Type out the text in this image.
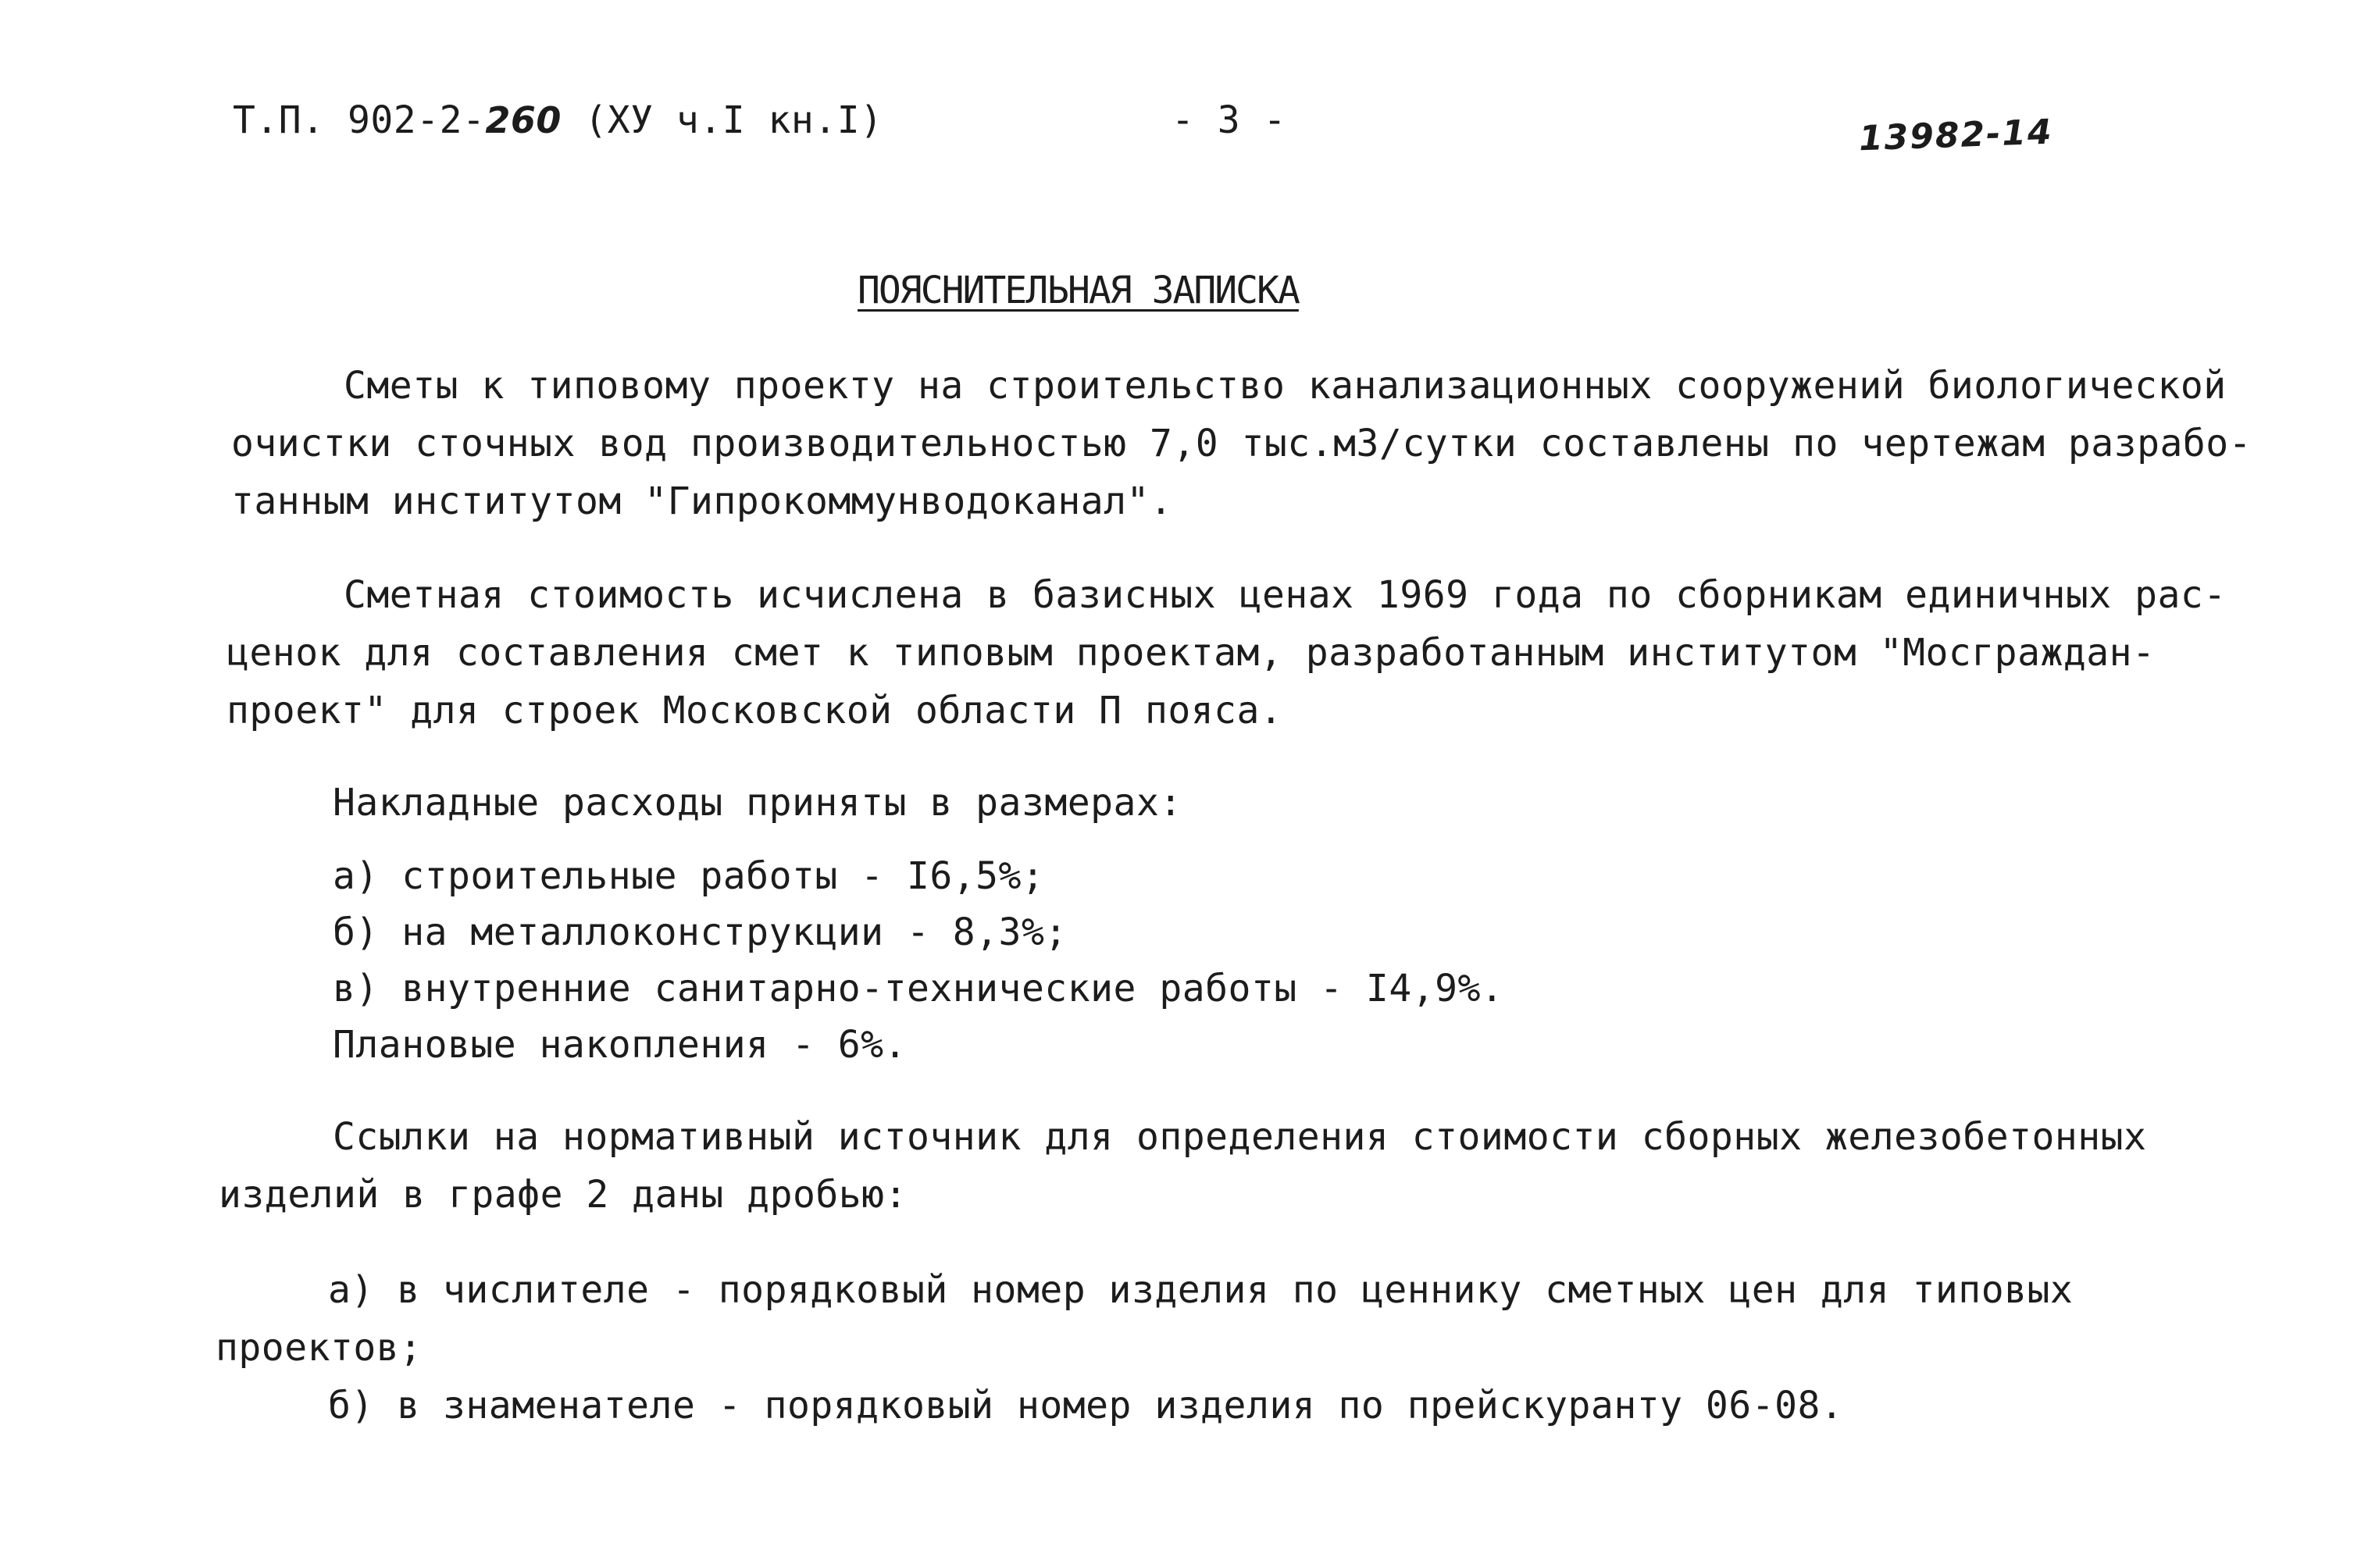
Т.П. 902-2-260 (ХУ ч.I кн.I)	- 3 -	13982-14
ПОЯСНИТЕЛЬНАЯ ЗАПИСКА
Сметы к типовому проекту на строительство канализационных сооружений биологической
очистки сточных вод производительностью 7,0 тыс.м3/сутки составлены по чертежам разрабо-
танным институтом "Гипрокоммунводоканал".
Сметная стоимость исчислена в базисных ценах 1969 года по сборникам единичных рас-
ценок для составления смет к типовым проектам, разработанным институтом "Мосграждан-
проект" для строек Московской области П пояса.
Накладные расходы приняты в размерах:
а) строительные работы - I6,5%;
б) на металлоконструкции - 8,3%;
в) внутренние санитарно-технические работы - I4,9%.
Плановые накопления - 6%.
Ссылки на нормативный источник для определения стоимости сборных железобетонных
изделий в графе 2 даны дробью:
а) в числителе - порядковый номер изделия по ценнику сметных цен для типовых
проектов;
б) в знаменателе - порядковый номер изделия по прейскуранту 06-08.
